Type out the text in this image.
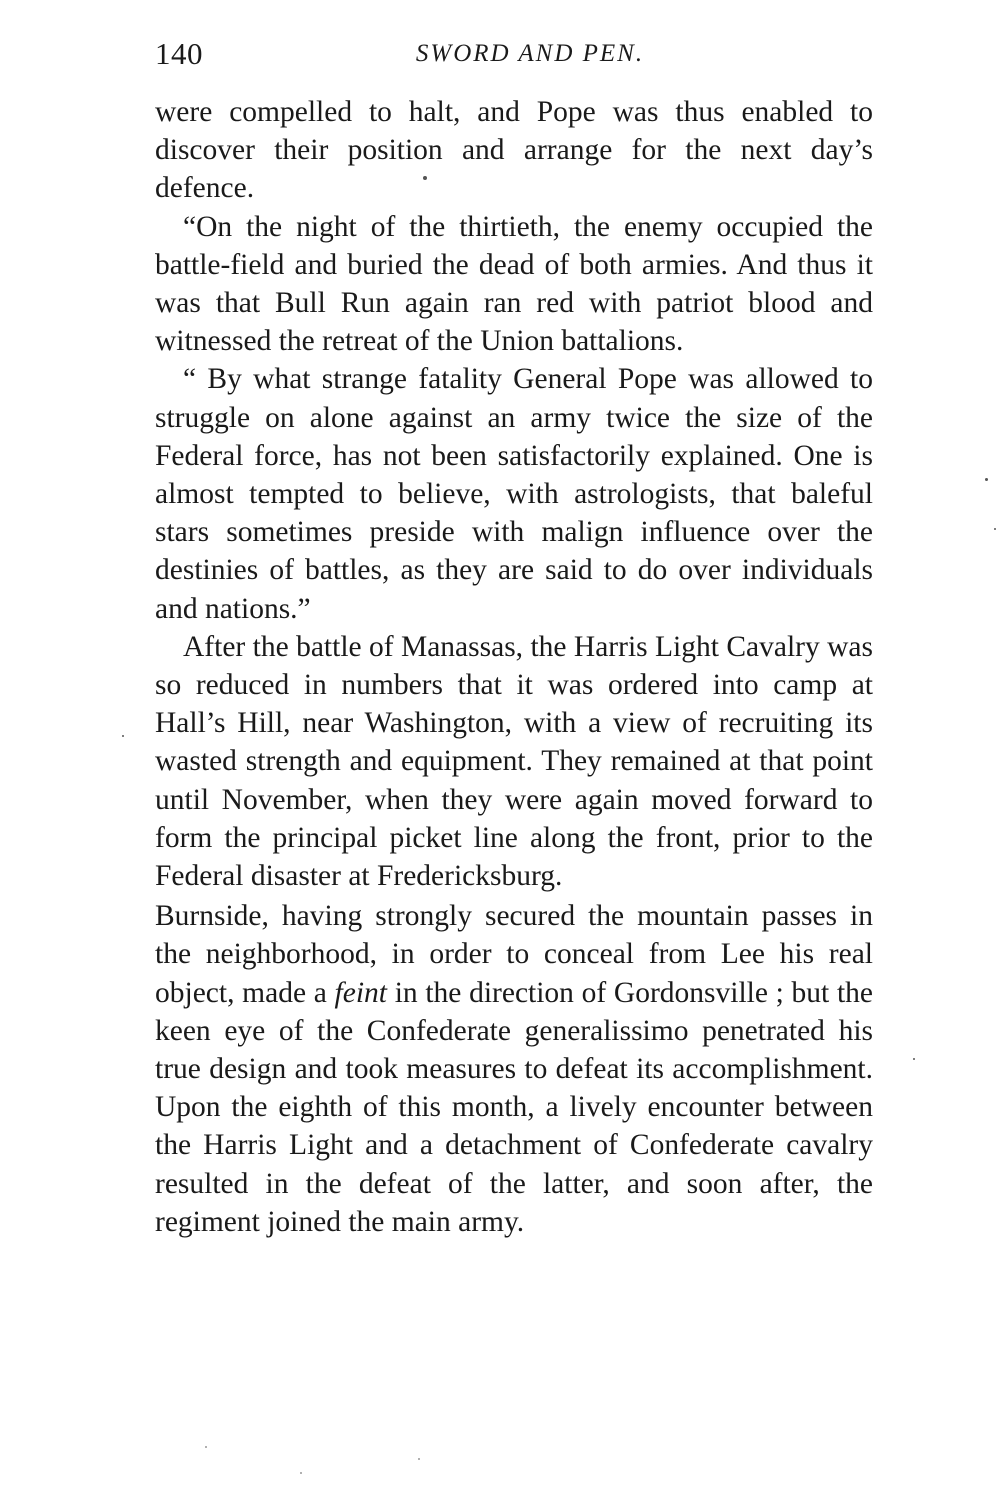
140	SWORD AND PEN.

were compelled to halt, and Pope was thus enabled to discover their position and arrange for the next day’s defence.

“On the night of the thirtieth, the enemy occupied the battle-field and buried the dead of both armies. And thus it was that Bull Run again ran red with patriot blood and witnessed the retreat of the Union battalions.

“ By what strange fatality General Pope was allowed to struggle on alone against an army twice the size of the Federal force, has not been satisfactorily explained. One is almost tempted to believe, with astrologists, that baleful stars sometimes preside with malign influence over the destinies of battles, as they are said to do over individuals and nations.”

After the battle of Manassas, the Harris Light Cavalry was so reduced in numbers that it was ordered into camp at Hall’s Hill, near Washington, with a view of recruiting its wasted strength and equipment. They remained at that point until November, when they were again moved forward to form the principal picket line along the front, prior to the Federal disaster at Fredericksburg.

Burnside, having strongly secured the mountain passes in the neighborhood, in order to conceal from Lee his real object, made a feint in the direction of Gordonsville ; but the keen eye of the Confederate generalissimo penetrated his true design and took measures to defeat its accomplishment. Upon the eighth of this month, a lively encounter between the Harris Light and a detachment of Confederate cavalry resulted in the defeat of the latter, and soon after, the regiment joined the main army.
